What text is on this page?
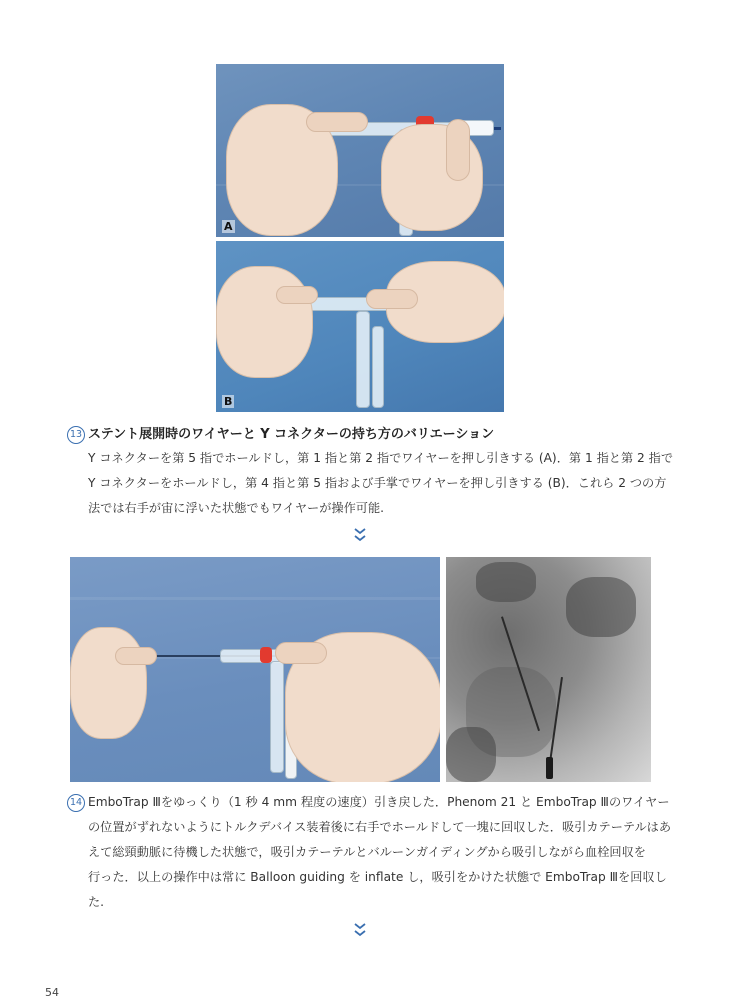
A
B
13 ステント展開時のワイヤーと Y コネクターの持ち方のバリエーション
Y コネクターを第 5 指でホールドし，第 1 指と第 2 指でワイヤーを押し引きする (A)．第 1 指と第 2 指で
Y コネクターをホールドし，第 4 指と第 5 指および手掌でワイヤーを押し引きする (B)．これら 2 つの方
法では右手が宙に浮いた状態でもワイヤーが操作可能.
14 EmboTrap Ⅲをゆっくり（1 秒 4 mm 程度の速度）引き戻した．Phenom 21 と EmboTrap Ⅲのワイヤー
の位置がずれないようにトルクデバイス装着後に右手でホールドして一塊に回収した．吸引カテーテルはあ
えて総頸動脈に待機した状態で，吸引カテーテルとバルーンガイディングから吸引しながら血栓回収を
行った．以上の操作中は常に Balloon guiding を inflate し，吸引をかけた状態で EmboTrap Ⅲを回収し
た.
54
